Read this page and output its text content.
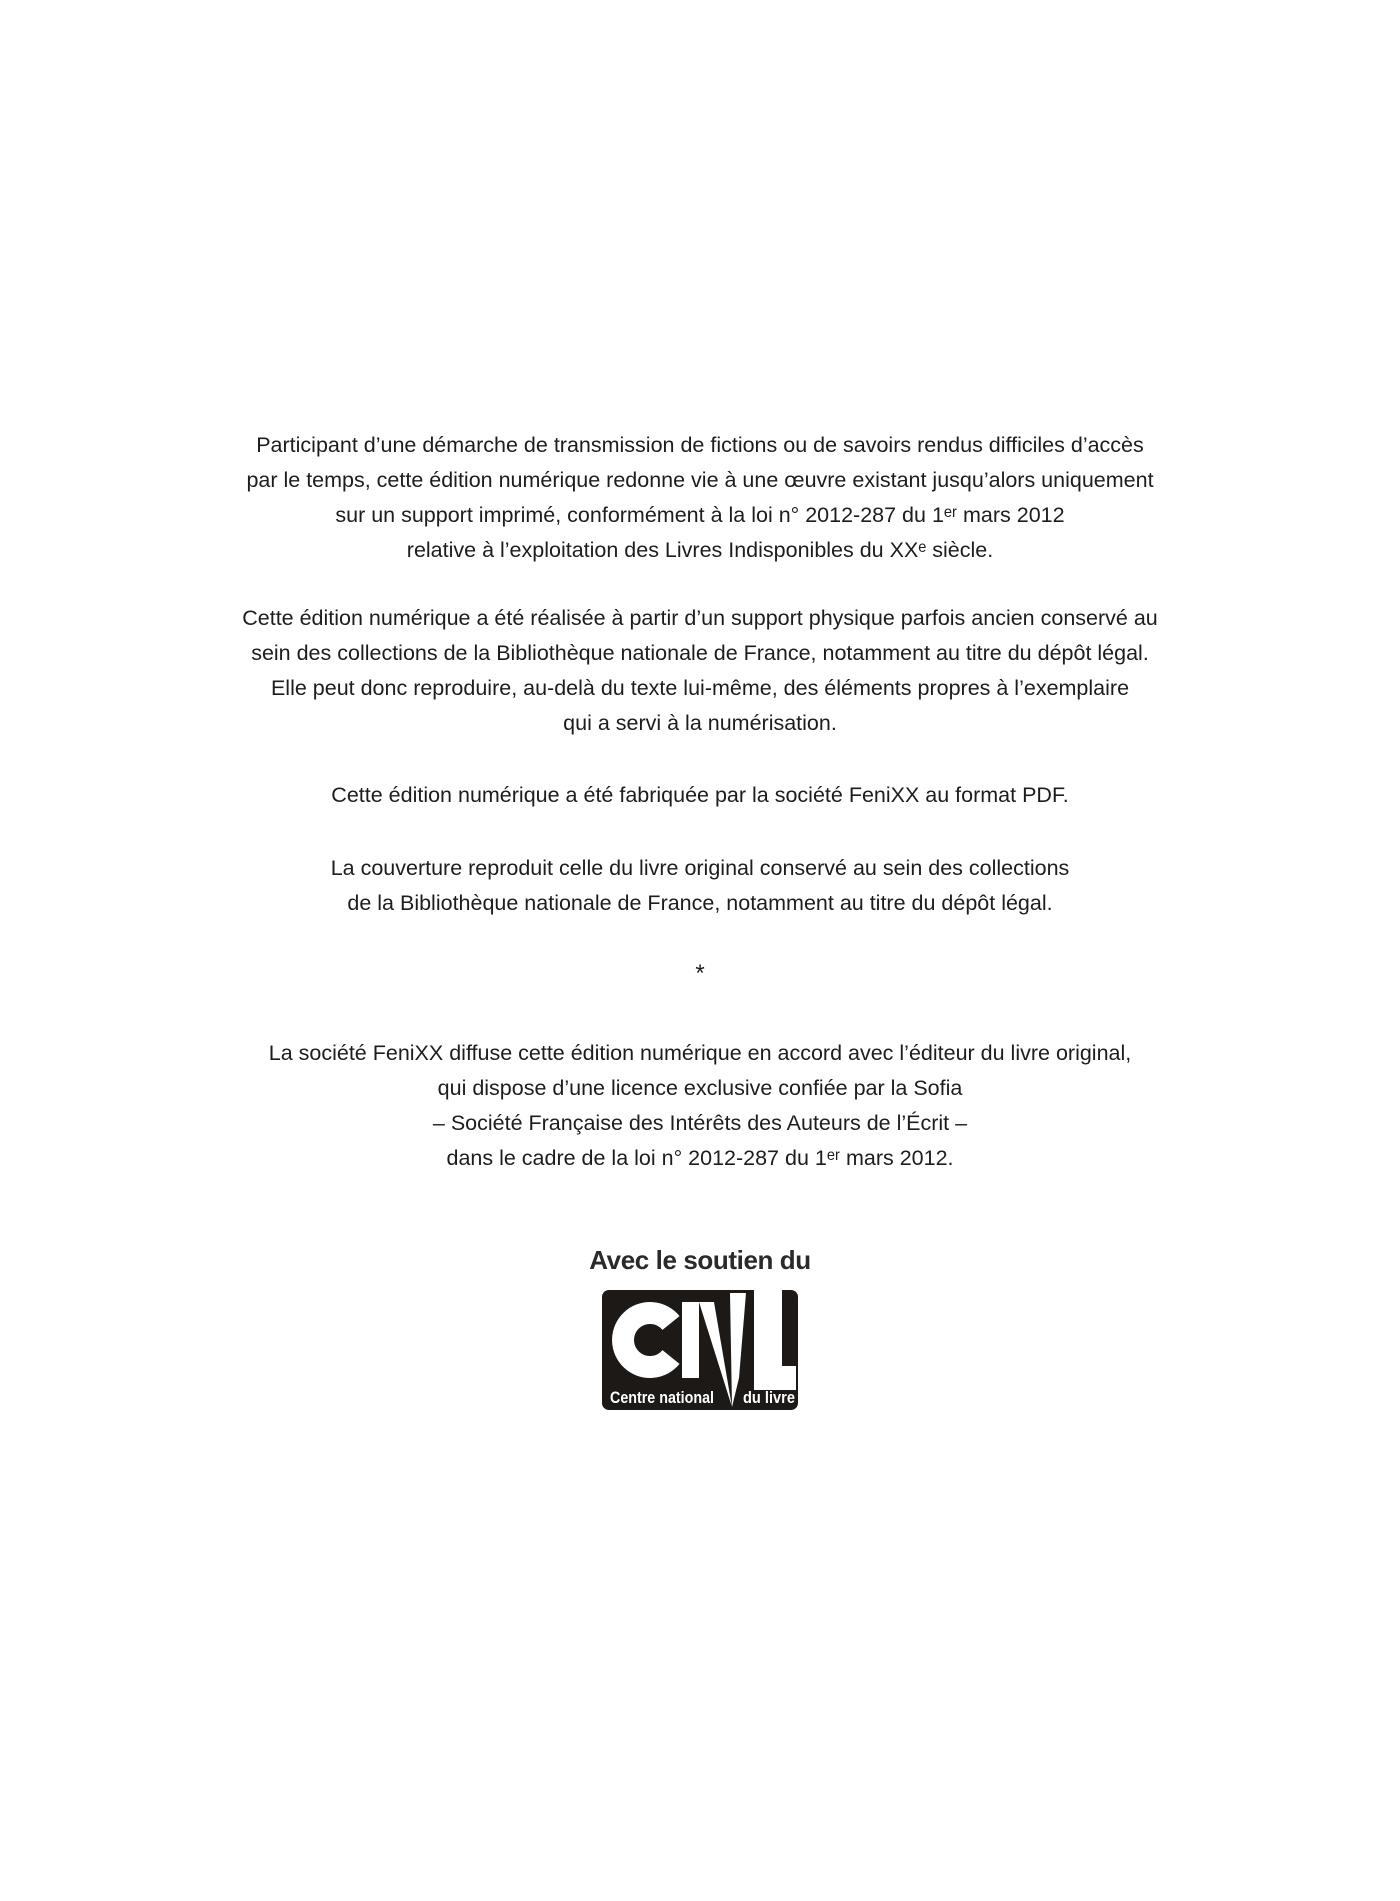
Participant d’une démarche de transmission de fictions ou de savoirs rendus difficiles d’accès
par le temps, cette édition numérique redonne vie à une œuvre existant jusqu’alors uniquement
sur un support imprimé, conformément à la loi n° 2012-287 du 1ᵉʳ mars 2012
relative à l’exploitation des Livres Indisponibles du XXᵉ siècle.
Cette édition numérique a été réalisée à partir d’un support physique parfois ancien conservé au
sein des collections de la Bibliothèque nationale de France, notamment au titre du dépôt légal.
Elle peut donc reproduire, au-delà du texte lui-même, des éléments propres à l’exemplaire
qui a servi à la numérisation.
Cette édition numérique a été fabriquée par la société FeniXX au format PDF.
La couverture reproduit celle du livre original conservé au sein des collections
de la Bibliothèque nationale de France, notamment au titre du dépôt légal.
*
La société FeniXX diffuse cette édition numérique en accord avec l’éditeur du livre original,
qui dispose d’une licence exclusive confiée par la Sofia
– Société Française des Intérêts des Auteurs de l’Écrit –
dans le cadre de la loi n° 2012-287 du 1ᵉʳ mars 2012.
Avec le soutien du
Centre national du livre
